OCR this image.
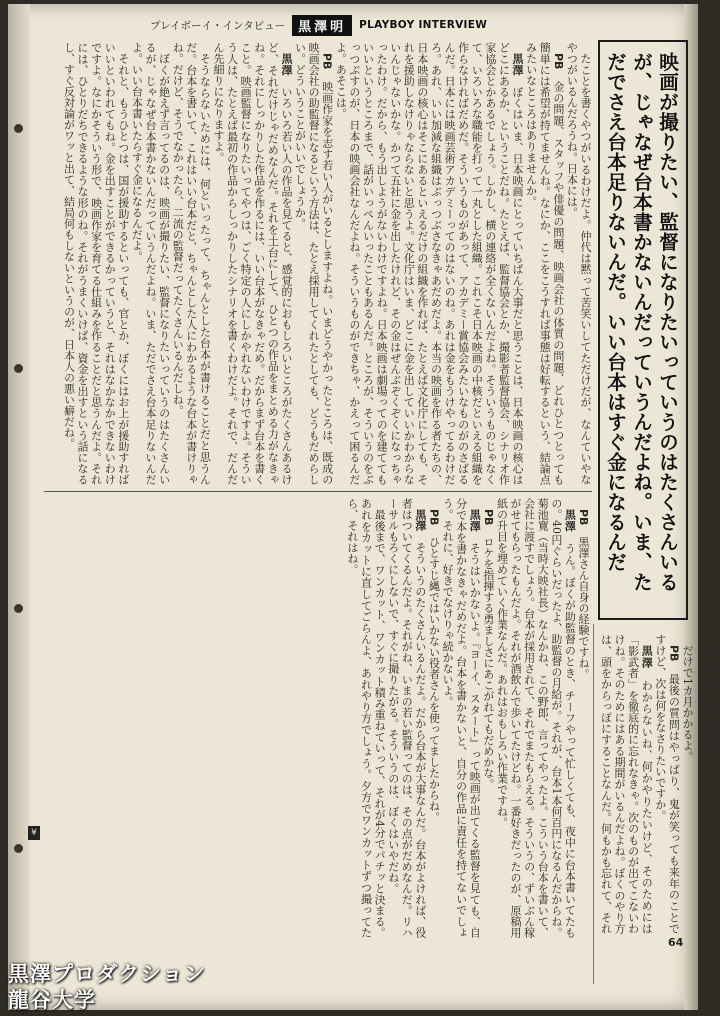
プレイボーイ・インタビュー	黒澤明	PLAYBOY INTERVIEW
映画が撮りたい、監督になりたいっていうのはたくさんいるが、じゃなぜ台本書かないんだっていうんだよね。いま、ただでさえ台本足りないんだ。いい台本はすぐ金になるんだ

たことを書くやつがいるわけだよ。仲代は黙って苦笑いしてただけだが、なんていやなやつがいるんだろうね。日本には。

PB　金の問題、スタッフや俳優の問題、映画会社の体質の問題、どれひとつとっても簡単には希望が持てませんね。なにか、ここをこうすれば事態は好転するという、結論点みたいなところはありませんか。

黒澤　ぼくはいま、日本映画にとっていちばん大事だと思うことは、日本映画の核心はどこにあるか、ということだね。たとえば、監督協会とか、撮影者監督協会、シナリオ作家協会とかあるでしょう。しかし、横の連絡が全くないんだよね。そういうものじゃなくて、いろいろな職能を打って一丸とした組織。これこそ日本映画の中核だといえる組織を作らなければだめだ。そういうものがあって、アカデミー賞協会みたいなものがのさばるんだ。日本には映画芸術アカデミーってのはないのね。あれは金をもうけやってるわけだろ。あれ、いい加減な組織はぶっつぶさなきゃあだめだよ。本当の映画を作る者たちの、日本映画の核心はそこにあるといえるだけの組織を作れば、たとえば文化庁にしても、それを援助しなけりゃならないと思うよ。文化庁はいま、どこに金を出していいかわからないんじゃないかな。かつて五社に金を出したけれど、その金はぜんぶぞくぞくになっちゃったわけ。だから、もう出しようがないわけですよね。日本映画は劇場ってのを建ててもいいというところまで、話がいっぺんいったこともあるんだ。ところが、そういうのをぶっつぶすのが、日本の映画会社なんだよね。そういうものができちゃ、かえって困るんだよ。あそこは。

PB　映画作家を志す若い人がいるとしますよね。いまどうやかったところは、既成の映画会社の助監督になるという方法は、たとえ採用してくれたとしても、どうもだめらしい。どういうことがいいでしょうか。

黒澤　いろいろ若い人の作品を見てると、感覚的におもしろいところがたくさんあるけど、それだけじゃだめなんだ。それを土台にして、ひとつの作品をまとめる力がなきゃね。それにしっかりした作品を作るには、いい台本がなきゃだめ。だからまず台本を書くこと。映画監督になりたいってやつは、ごく特定の人にしかやれないわけですよ。そういう人は、たとえば最初の作品からしっかりしたシナリオを書くわけだよ。それで、だんだん先細りになりますよ。

そうならないためには、何といったって、ちゃんとした台本が書けることだと思うんだ。台本を書いて、これはいい台本だと、ちゃんとした人にわかるような台本が書けりゃね。だけど、そうでなかったら、二流の監督だってたくさんいるんだしね。

ぼくが絶えず言ってるのは、映画が撮りたい、監督になりたいっていうのはたくさんいるが、じゃなぜ台本書かないんだっていうんだよね。いま、ただでさえ台本足りないんだよ。いい台本書いたらすぐ金になるんだよ。

それと、もうひとつは、国が援助するといっても、官とか、ぼくにはお上が援助すればいいといわれてもね。金を出すことができるかっていうと、それはなかなかできないわけですよ。なにかそういう形で、映画作家を育てる仕組みを作ることだと思うんだよ。それには、ひとりだちできるような形のね。それがうまくいけば、資金を出すという話になるし、すぐ反対論がワッと出て、結局何もしないというのが、日本人の悪い癖だね。

PB　黒澤さん自身の経験ですね。

黒澤　うん。ぼくが助監督のとき、チーフやって忙しくても、夜中に台本書いてたもの。40円ぐらいだったよ、助監督の月給が。それが、台本1本何百円になるんだからね。菊池寛（当時大映社長）なんかね、この野郎、言ってやったよ。こういう台本を書いて、会社に渡すでしょう。台本が採用されて、それでまたもらえる。そういうの、ずいぶん稼がせてもらったもんだよ。それが酒飲んで歩いてたけどね。一番好きだったのが、原稿用紙の升目を埋めていく作業なんだ。あれはおもしろい作業ですね。

PB　ロケを指揮する勇ましさにあこがれてもだめかな。

黒澤　そうはいかないよ。『ヨーイ、スタート』って映画が出てくる監督を見ても、自分で本を書かなきゃだめだよ。台本を書かないと、自分の作品に責任を持てないでしょう。それに、好きでなけりゃ続かないよ。

PB　ひとすじ縄ではいかない役者さんを使ってましたからね。

黒澤　そういうのたくさんいるんだよ。だから台本が大事なんだ。台本がよければ、役者はついてくるんだよ。それがね、いまの若い監督ってのは、その点がだめなんだ。リハーサルもろくにしないで、すぐに撮りたがる。そういうのは、ぼくはいやだね。

最後まで、ワンカット、ワンカット積み重ねていって、それが4分でパチッと決まる。あれをカットに直してごらんよ、あれやり方でしょう。夕方でワンカットずつ撮ってたら、それはね。

だけで1カ月かかるよ。

PB　最後の質問はやっぱり、鬼が笑っても来年のことですけど、次は何をなさりたいですか。

黒澤　わからないね、何かやりたいけど、そのためには「影武者」を徹底的に忘れなきゃ。次のものが出てこないわけね。そのためにはある期間がいるんだよね。ぼくのやり方は、頭をからっぽにすることなんだ。何もかも忘れて、それ

¥
64
黒澤プロダクション
龍谷大学
